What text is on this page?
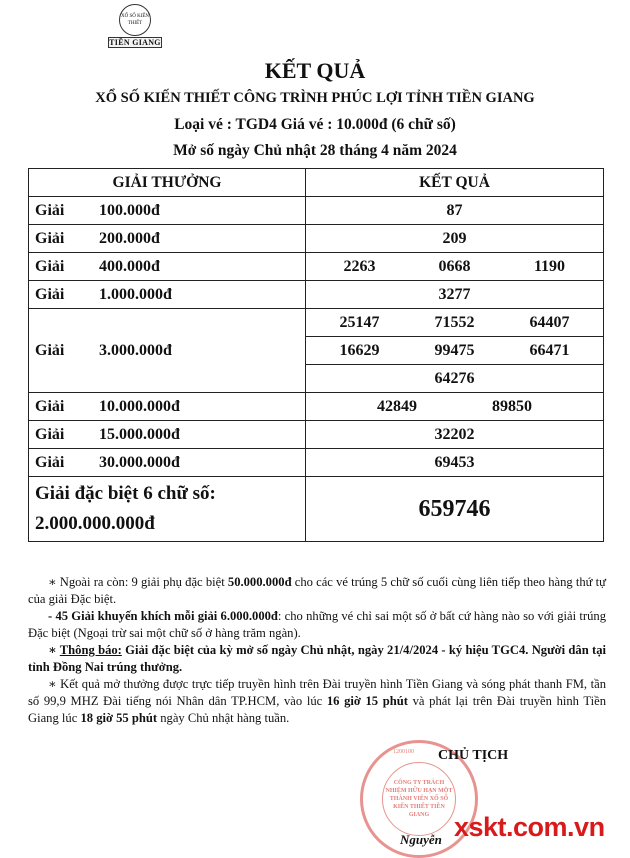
XỔ SỐ KIẾN THIẾT
TIỀN GIANG
KẾT QUẢ
XỔ SỐ KIẾN THIẾT CÔNG TRÌNH PHÚC LỢI TỈNH TIỀN GIANG
Loại vé : TGD4 Giá vé : 10.000đ (6 chữ số)
Mở số ngày Chủ nhật 28 tháng 4 năm 2024
GIẢI THƯỞNG	KẾT QUẢ
Giải 100.000đ	87
Giải 200.000đ	209
Giải 400.000đ	2263 0668 1190

Giải 1.000.000đ	3277
Giải 3.000.000đ	25147 71552 64407

	16629 99475 66471

	64276
Giải 10.000.000đ	42849 89850

Giải 15.000.000đ	32202
Giải 30.000.000đ	69453

Giải đặc biệt 6 chữ số:
2.000.000.000đ	659746

∗ Ngoài ra còn: 9 giải phụ đặc biệt 50.000.000đ cho các vé trúng 5 chữ số cuối cùng liên tiếp theo hàng thứ tự của giải Đặc biệt.

- 45 Giải khuyến khích mỗi giải 6.000.000đ: cho những vé chỉ sai một số ở bất cứ hàng nào so với giải trúng Đặc biệt (Ngoại trừ sai một chữ số ở hàng trăm ngàn).

∗ Thông báo: Giải đặc biệt của kỳ mở số ngày Chủ nhật, ngày 21/4/2024 - ký hiệu TGC4. Người dân tại tỉnh Đồng Nai trúng thưởng.

∗ Kết quả mở thưởng được trực tiếp truyền hình trên Đài truyền hình Tiền Giang và sóng phát thanh FM, tần số 99,9 MHZ Đài tiếng nói Nhân dân TP.HCM, vào lúc 16 giờ 15 phút và phát lại trên Đài truyền hình Tiền Giang lúc 18 giờ 55 phút ngày Chủ nhật hàng tuần.

1200100
CÔNG TY TRÁCH NHIỆM HỮU HẠN MỘT THÀNH VIÊN XỔ SỐ KIẾN THIẾT TIỀN GIANG
CHỦ TỊCH
Nguyễn xskt.com.vn
